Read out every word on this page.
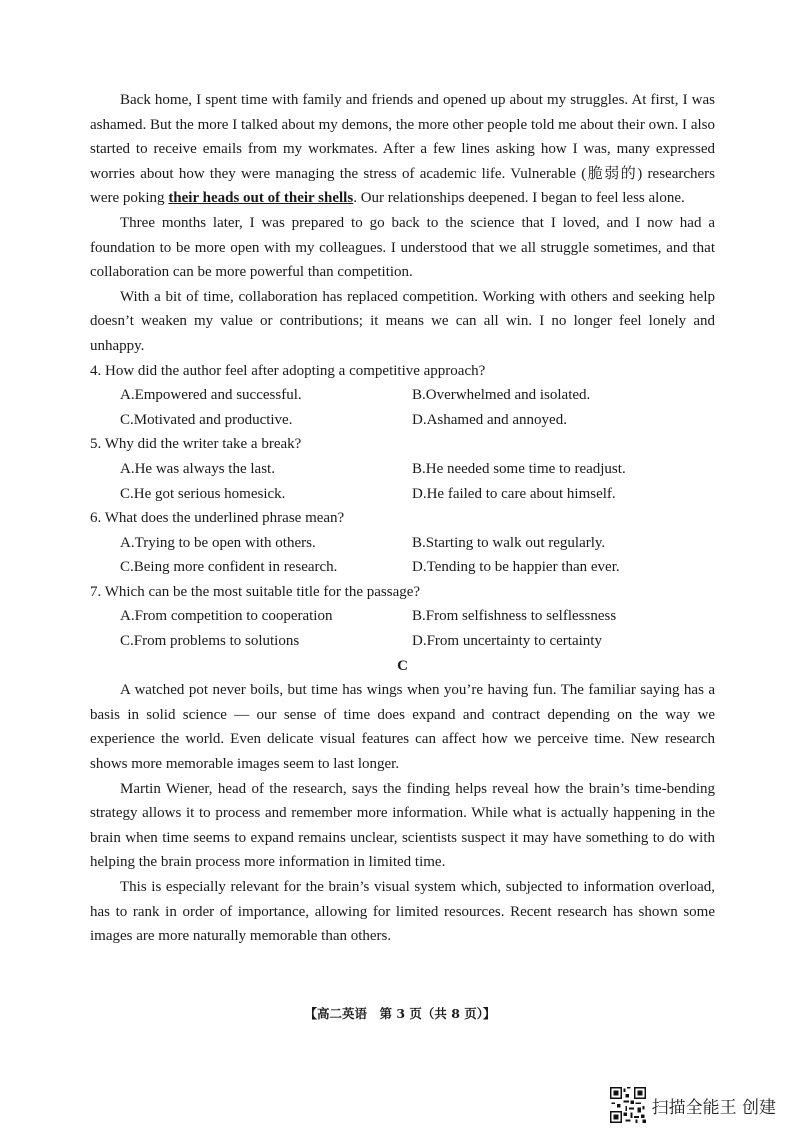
Back home, I spent time with family and friends and opened up about my struggles. At first, I was ashamed. But the more I talked about my demons, the more other people told me about their own. I also started to receive emails from my workmates. After a few lines asking how I was, many expressed worries about how they were managing the stress of academic life. Vulnerable (脆弱的) researchers were poking their heads out of their shells. Our relationships deepened. I began to feel less alone.

Three months later, I was prepared to go back to the science that I loved, and I now had a foundation to be more open with my colleagues. I understood that we all struggle sometimes, and that collaboration can be more powerful than competition.

With a bit of time, collaboration has replaced competition. Working with others and seeking help doesn’t weaken my value or contributions; it means we can all win. I no longer feel lonely and unhappy.

4. How did the author feel after adopting a competitive approach?

A.Empowered and successful.	B.Overwhelmed and isolated.
C.Motivated and productive.	D.Ashamed and annoyed.

5. Why did the writer take a break?

A.He was always the last.	B.He needed some time to readjust.
C.He got serious homesick.	D.He failed to care about himself.

6. What does the underlined phrase mean?

A.Trying to be open with others.	B.Starting to walk out regularly.
C.Being more confident in research.	D.Tending to be happier than ever.

7. Which can be the most suitable title for the passage?

A.From competition to cooperation	B.From selfishness to selflessness
C.From problems to solutions	D.From uncertainty to certainty

C

A watched pot never boils, but time has wings when you’re having fun. The familiar saying has a basis in solid science — our sense of time does expand and contract depending on the way we experience the world. Even delicate visual features can affect how we perceive time. New research shows more memorable images seem to last longer.

Martin Wiener, head of the research, says the finding helps reveal how the brain’s time-bending strategy allows it to process and remember more information. While what is actually happening in the brain when time seems to expand remains unclear, scientists suspect it may have something to do with helping the brain process more information in limited time.

This is especially relevant for the brain’s visual system which, subjected to information overload, has to rank in order of importance, allowing for limited resources. Recent research has shown some images are more naturally memorable than others.

【高二英语　第 3 页（共 8 页）】
扫描全能王 创建
